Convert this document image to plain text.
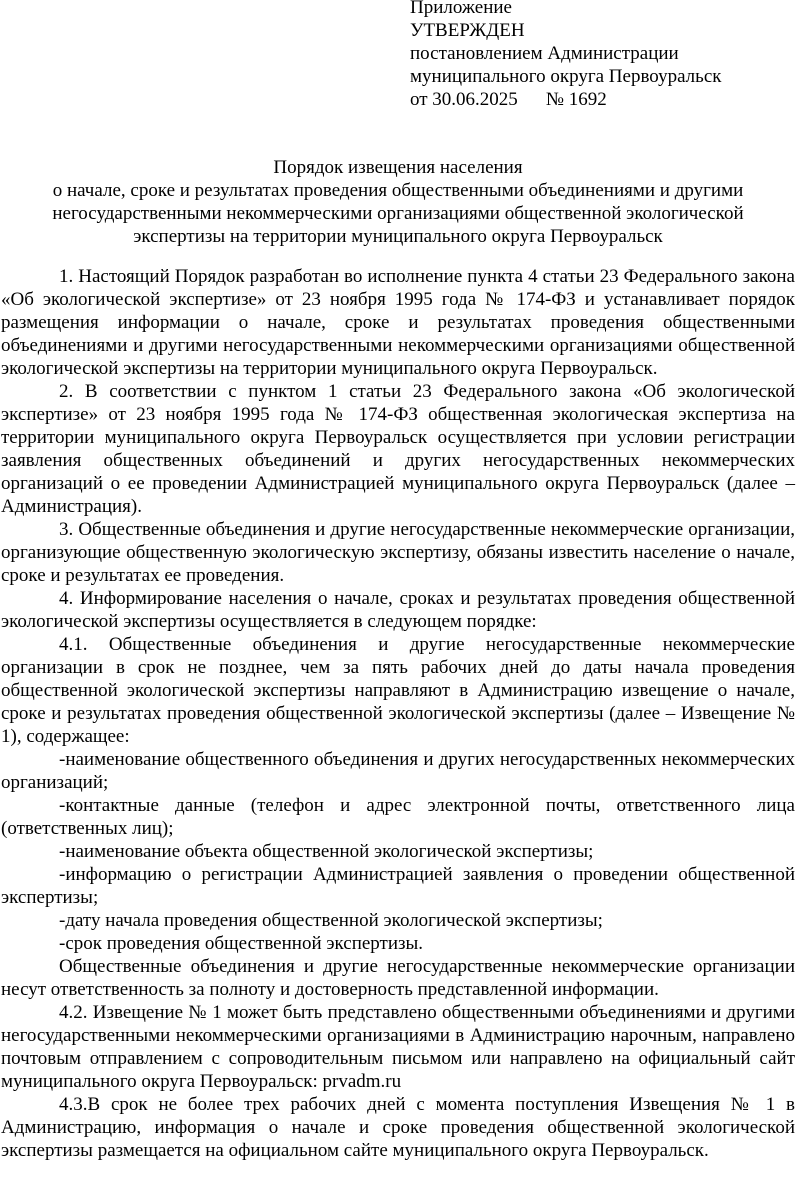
Приложение
УТВЕРЖДЕН
постановлением Администрации
муниципального округа Первоуральск
от 30.06.2025 № 1692
Порядок извещения населения
о начале, сроке и результатах проведения общественными объединениями и другими
негосударственными некоммерческими организациями общественной экологической
экспертизы на территории муниципального округа Первоуральск

1. Настоящий Порядок разработан во исполнение пункта 4 статьи 23 Федерального закона «Об экологической экспертизе» от 23 ноября 1995 года № 174-ФЗ и устанавливает порядок размещения информации о начале, сроке и результатах проведения общественными объединениями и другими негосударственными некоммерческими организациями общественной экологической экспертизы на территории муниципального округа Первоуральск.

2. В соответствии с пунктом 1 статьи 23 Федерального закона «Об экологической экспертизе» от 23 ноября 1995 года № 174-ФЗ общественная экологическая экспертиза на территории муниципального округа Первоуральск осуществляется при условии регистрации заявления общественных объединений и других негосударственных некоммерческих организаций о ее проведении Администрацией муниципального округа Первоуральск (далее – Администрация).

3. Общественные объединения и другие негосударственные некоммерческие организации, организующие общественную экологическую экспертизу, обязаны известить население о начале, сроке и результатах ее проведения.

4. Информирование населения о начале, сроках и результатах проведения общественной экологической экспертизы осуществляется в следующем порядке:

4.1. Общественные объединения и другие негосударственные некоммерческие организации в срок не позднее, чем за пять рабочих дней до даты начала проведения общественной экологической экспертизы направляют в Администрацию извещение о начале, сроке и результатах проведения общественной экологической экспертизы (далее – Извещение № 1), содержащее:

-наименование общественного объединения и других негосударственных некоммерческих организаций;

-контактные данные (телефон и адрес электронной почты, ответственного лица (ответственных лиц);

-наименование объекта общественной экологической экспертизы;

-информацию о регистрации Администрацией заявления о проведении общественной экспертизы;

-дату начала проведения общественной экологической экспертизы;

-срок проведения общественной экспертизы.

Общественные объединения и другие негосударственные некоммерческие организации несут ответственность за полноту и достоверность представленной информации.

4.2. Извещение № 1 может быть представлено общественными объединениями и другими негосударственными некоммерческими организациями в Администрацию нарочным, направлено почтовым отправлением с сопроводительным письмом или направлено на официальный сайт муниципального округа Первоуральск: prvadm.ru

4.3.В срок не более трех рабочих дней с момента поступления Извещения № 1 в Администрацию, информация о начале и сроке проведения общественной экологической экспертизы размещается на официальном сайте муниципального округа Первоуральск.
